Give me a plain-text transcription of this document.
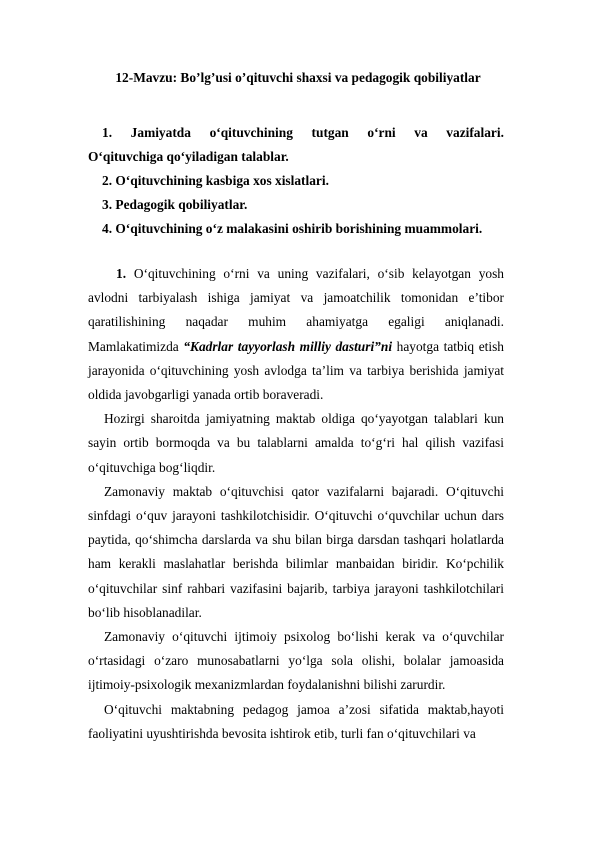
12-Mavzu: Bo’lg’usi o’qituvchi shaxsi va pedagogik qobiliyatlar
1. Jamiyatda o‘qituvchining tutgan o‘rni va vazifalari.
O‘qituvchiga qo‘yiladigan talablar.
2. O‘qituvchining kasbiga xos xislatlari.
3. Pedagogik qobiliyatlar.
4. O‘qituvchining o‘z malakasini oshirib borishining muammolari.

1. O‘qituvchining o‘rni va uning vazifalari, o‘sib kelayotgan yosh avlodni tarbiyalash ishiga jamiyat va jamoatchilik tomonidan e’tibor qaratilishining naqadar muhim ahamiyatga egaligi aniqlanadi. Mamlakatimizda “Kadrlar tayyorlash milliy dasturi”ni hayotga tatbiq etish jarayonida o‘qituvchining yosh avlodga ta’lim va tarbiya berishida jamiyat oldida javobgarligi yanada ortib boraveradi.

Hozirgi sharoitda jamiyatning maktab oldiga qo‘yayotgan talablari kun sayin ortib bormoqda va bu talablarni amalda to‘g‘ri hal qilish vazifasi o‘qituvchiga bog‘liqdir.

Zamonaviy maktab o‘qituvchisi qator vazifalarni bajaradi. O‘qituvchi sinfdagi o‘quv jarayoni tashkilotchisidir. O‘qituvchi o‘quvchilar uchun dars paytida, qo‘shimcha darslarda va shu bilan birga darsdan tashqari holatlarda ham kerakli maslahatlar berishda bilimlar manbaidan biridir. Ko‘pchilik o‘qituvchilar sinf rahbari vazifasini bajarib, tarbiya jarayoni tashkilotchilari bo‘lib hisoblanadilar.

Zamonaviy o‘qituvchi ijtimoiy psixolog bo‘lishi kerak va o‘quvchilar o‘rtasidagi o‘zaro munosabatlarni yo‘lga sola olishi, bolalar jamoasida ijtimoiy-psixologik mexanizmlardan foydalanishni bilishi zarurdir.

O‘qituvchi maktabning pedagog jamoa a’zosi sifatida maktab,hayoti faoliyatini uyushtirishda bevosita ishtirok etib, turli fan o‘qituvchilari va
